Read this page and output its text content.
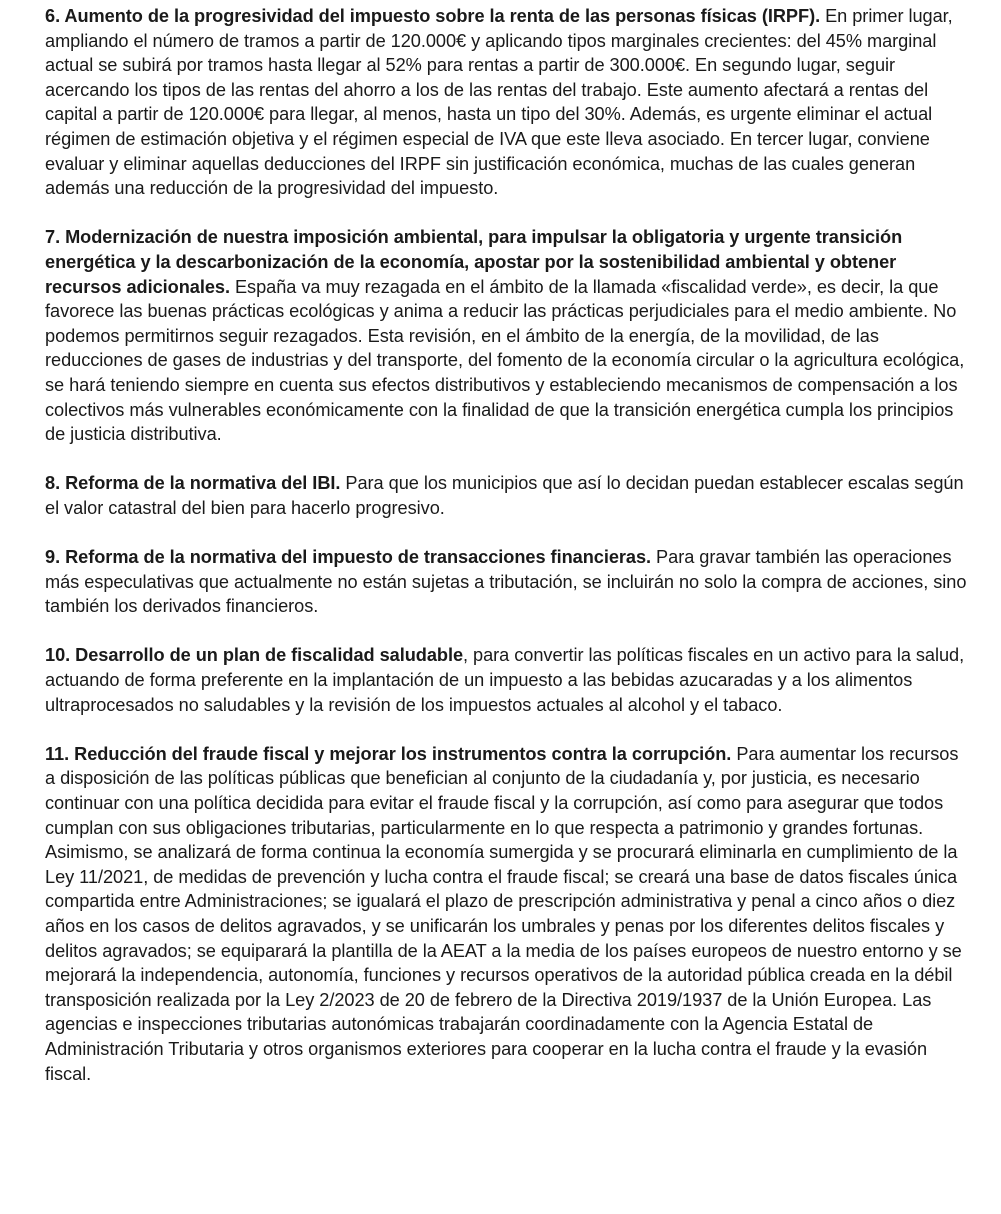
6. Aumento de la progresividad del impuesto sobre la renta de las personas físicas (IRPF). En primer lugar, ampliando el número de tramos a partir de 120.000€ y aplicando tipos marginales crecientes: del 45% marginal actual se subirá por tramos hasta llegar al 52% para rentas a partir de 300.000€. En segundo lugar, seguir acercando los tipos de las rentas del ahorro a los de las rentas del trabajo. Este aumento afectará a rentas del capital a partir de 120.000€ para llegar, al menos, hasta un tipo del 30%. Además, es urgente eliminar el actual régimen de estimación objetiva y el régimen especial de IVA que este lleva asociado. En tercer lugar, conviene evaluar y eliminar aquellas deducciones del IRPF sin justificación económica, muchas de las cuales generan además una reducción de la progresividad del impuesto.

7. Modernización de nuestra imposición ambiental, para impulsar la obligatoria y urgente transición energética y la descarbonización de la economía, apostar por la sostenibilidad ambiental y obtener recursos adicionales. España va muy rezagada en el ámbito de la llamada «fiscalidad verde», es decir, la que favorece las buenas prácticas ecológicas y anima a reducir las prácticas perjudiciales para el medio ambiente. No podemos permitirnos seguir rezagados. Esta revisión, en el ámbito de la energía, de la movilidad, de las reducciones de gases de industrias y del transporte, del fomento de la economía circular o la agricultura ecológica, se hará teniendo siempre en cuenta sus efectos distributivos y estableciendo mecanismos de compensación a los colectivos más vulnerables económicamente con la finalidad de que la transición energética cumpla los principios de justicia distributiva.

8. Reforma de la normativa del IBI. Para que los municipios que así lo decidan puedan establecer escalas según el valor catastral del bien para hacerlo progresivo.

9. Reforma de la normativa del impuesto de transacciones financieras. Para gravar también las operaciones más especulativas que actualmente no están sujetas a tributación, se incluirán no solo la compra de acciones, sino también los derivados financieros.

10. Desarrollo de un plan de fiscalidad saludable, para convertir las políticas fiscales en un activo para la salud, actuando de forma preferente en la implantación de un impuesto a las bebidas azucaradas y a los alimentos ultraprocesados no saludables y la revisión de los impuestos actuales al alcohol y el tabaco.

11. Reducción del fraude fiscal y mejorar los instrumentos contra la corrupción. Para aumentar los recursos a disposición de las políticas públicas que benefician al conjunto de la ciudadanía y, por justicia, es necesario continuar con una política decidida para evitar el fraude fiscal y la corrupción, así como para asegurar que todos cumplan con sus obligaciones tributarias, particularmente en lo que respecta a patrimonio y grandes fortunas. Asimismo, se analizará de forma continua la economía sumergida y se procurará eliminarla en cumplimiento de la Ley 11/2021, de medidas de prevención y lucha contra el fraude fiscal; se creará una base de datos fiscales única compartida entre Administraciones; se igualará el plazo de prescripción administrativa y penal a cinco años o diez años en los casos de delitos agravados, y se unificarán los umbrales y penas por los diferentes delitos fiscales y delitos agravados; se equiparará la plantilla de la AEAT a la media de los países europeos de nuestro entorno y se mejorará la independencia, autonomía, funciones y recursos operativos de la autoridad pública creada en la débil transposición realizada por la Ley 2/2023 de 20 de febrero de la Directiva 2019/1937 de la Unión Europea. Las agencias e inspecciones tributarias autonómicas trabajarán coordinadamente con la Agencia Estatal de Administración Tributaria y otros organismos exteriores para cooperar en la lucha contra el fraude y la evasión fiscal.
